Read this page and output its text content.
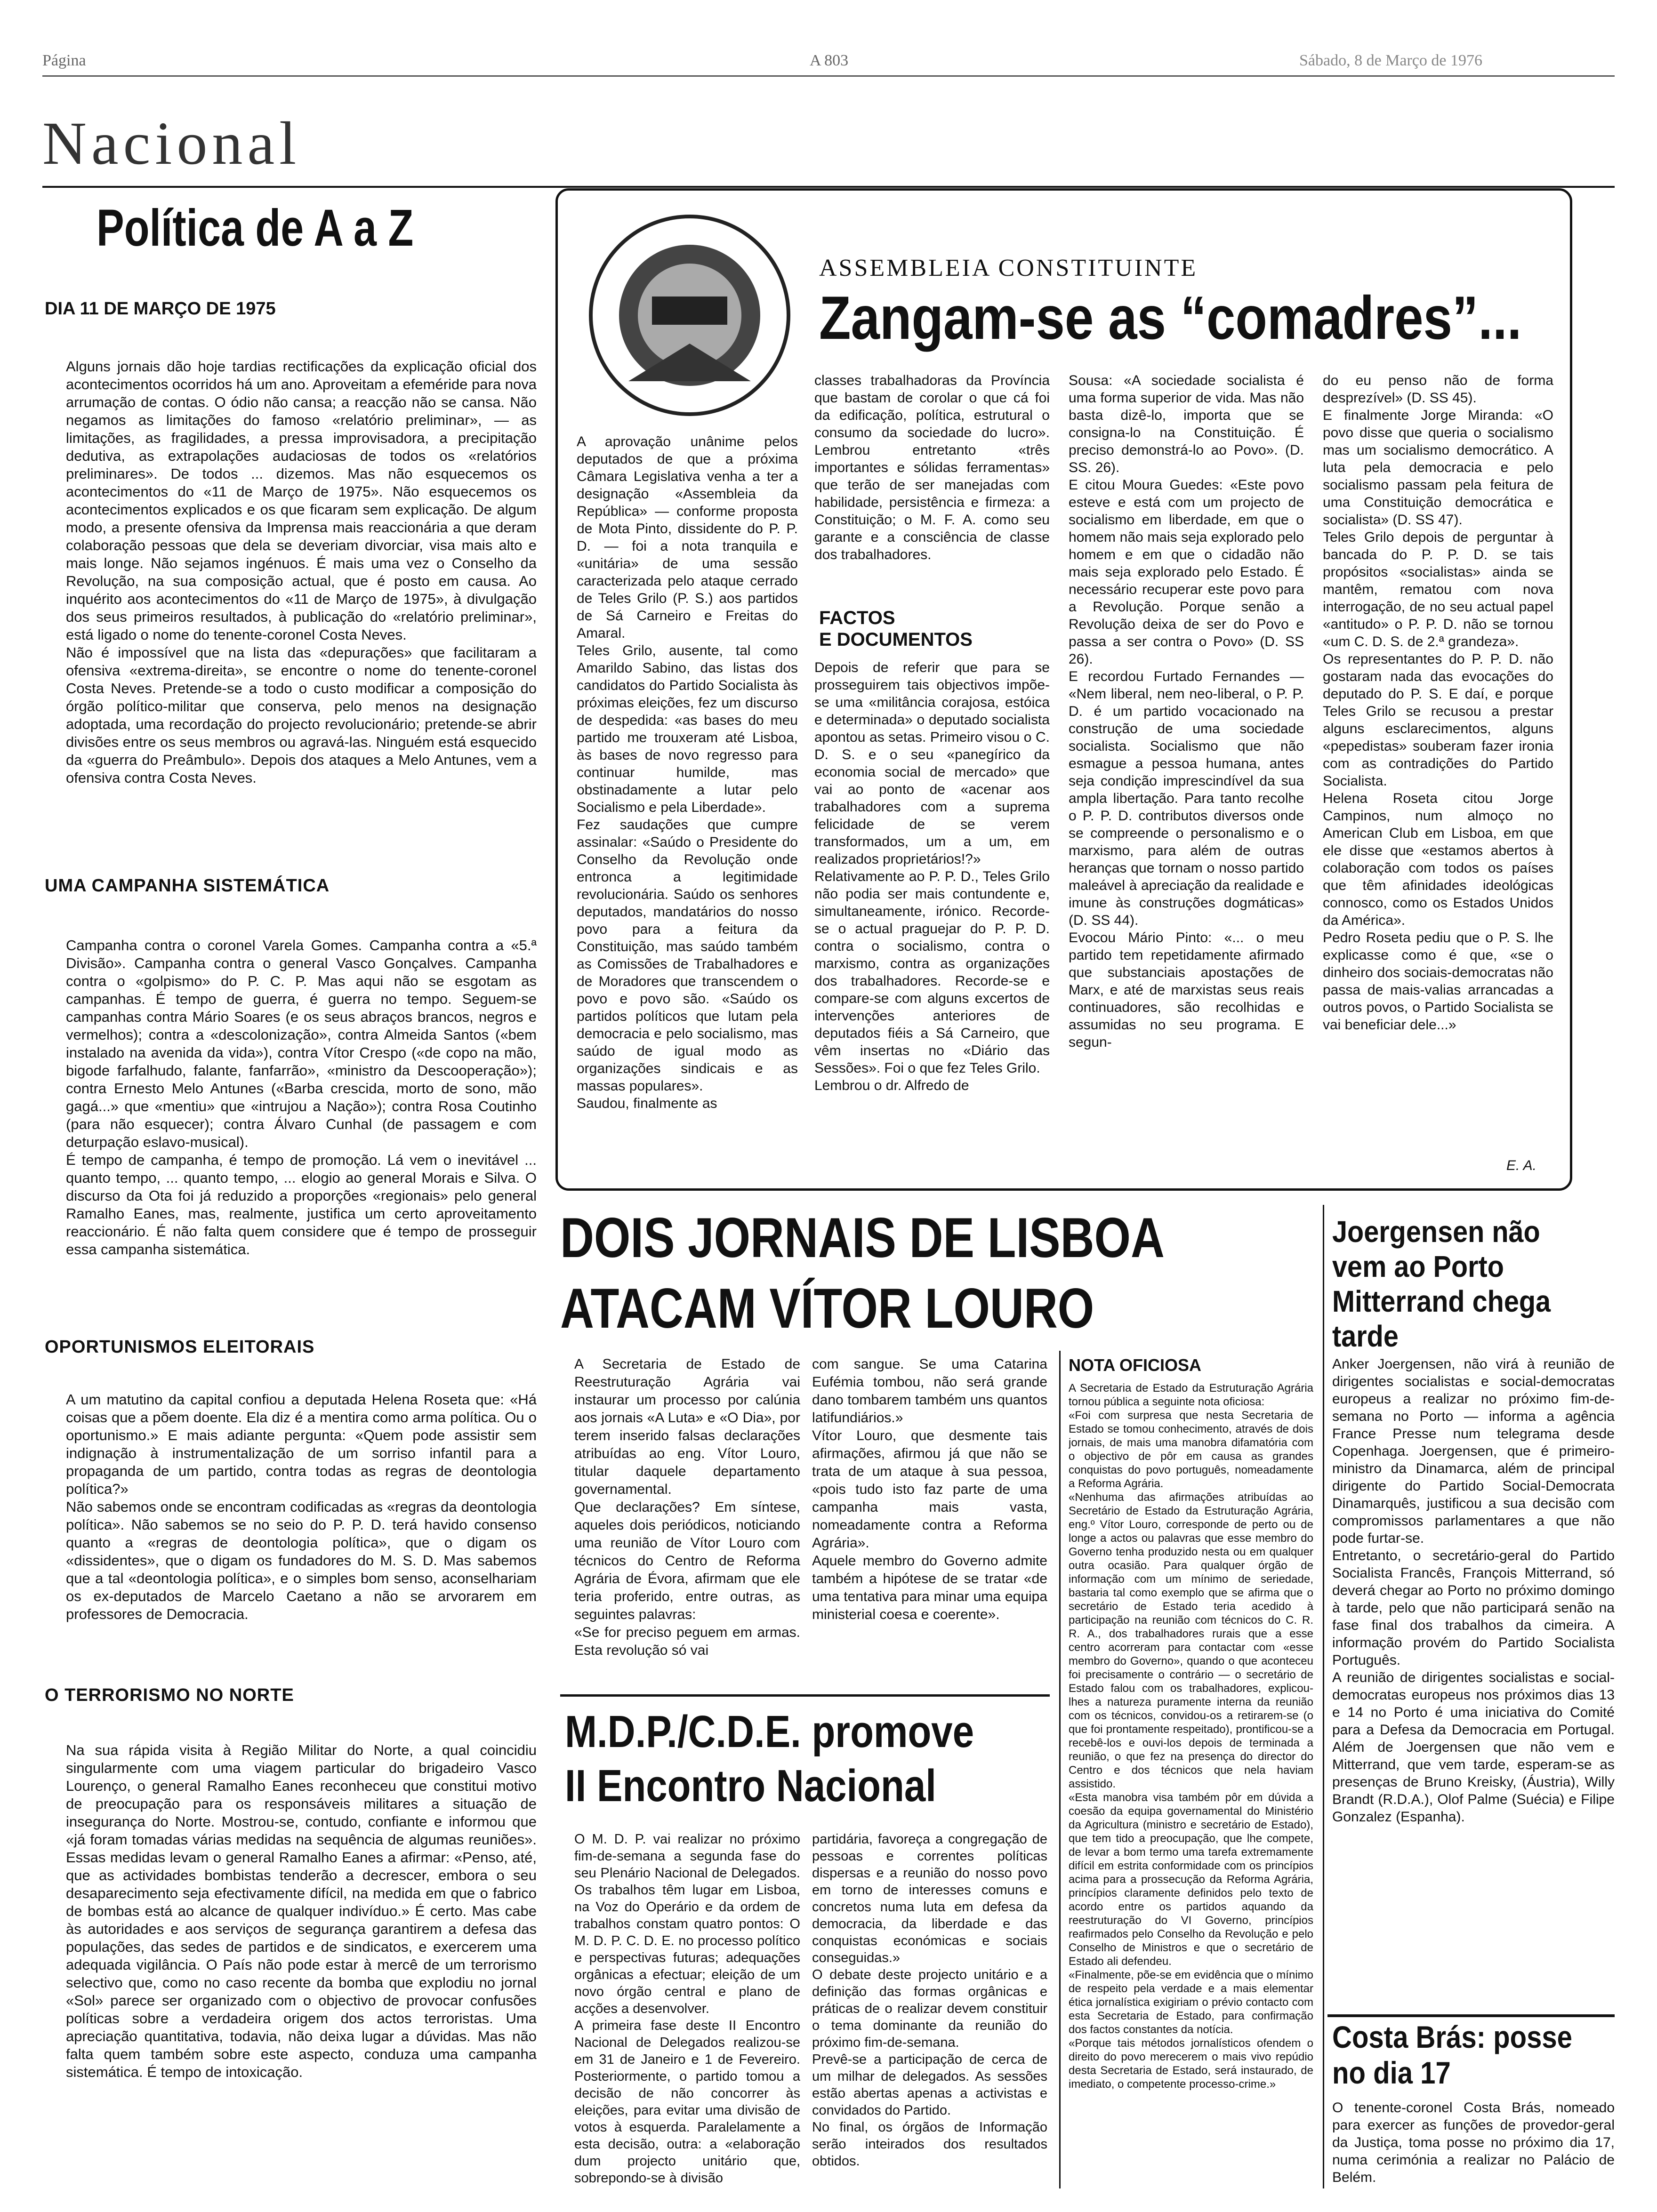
Página	A 803	Sábado, 8 de Março de 1976
Nacional
Política de A a Z
DIA 11 DE MARÇO DE 1975
Alguns jornais dão hoje tardias rectificações da explicação oficial dos acontecimentos ocorridos há um ano. Aproveitam a efeméride para nova arrumação de contas. O ódio não cansa; a reacção não se cansa. Não negamos as limitações do famoso «relatório preliminar», — as limitações, as fragilidades, a pressa improvisadora, a precipitação dedutiva, as extrapolações audaciosas de todos os «relatórios preliminares». De todos ... dizemos. Mas não esquecemos os acontecimentos do «11 de Março de 1975». Não esquecemos os acontecimentos explicados e os que ficaram sem explicação. De algum modo, a presente ofensiva da Imprensa mais reaccionária a que deram colaboração pessoas que dela se deveriam divorciar, visa mais alto e mais longe. Não sejamos ingénuos. É mais uma vez o Conselho da Revolução, na sua composição actual, que é posto em causa. Ao inquérito aos acontecimentos do «11 de Março de 1975», à divulgação dos seus primeiros resultados, à publicação do «relatório preliminar», está ligado o nome do tenente-coronel Costa Neves.
Não é impossível que na lista das «depurações» que facilitaram a ofensiva «extrema-direita», se encontre o nome do tenente-coronel Costa Neves. Pretende-se a todo o custo modificar a composição do órgão político-militar que conserva, pelo menos na designação adoptada, uma recordação do projecto revolucionário; pretende-se abrir divisões entre os seus membros ou agravá-las. Ninguém está esquecido da «guerra do Preâmbulo». Depois dos ataques a Melo Antunes, vem a ofensiva contra Costa Neves.
UMA CAMPANHA SISTEMÁTICA
Campanha contra o coronel Varela Gomes. Campanha contra a «5.ª Divisão». Campanha contra o general Vasco Gonçalves. Campanha contra o «golpismo» do P. C. P. Mas aqui não se esgotam as campanhas. É tempo de guerra, é guerra no tempo. Seguem-se campanhas contra Mário Soares (e os seus abraços brancos, negros e vermelhos); contra a «descolonização», contra Almeida Santos («bem instalado na avenida da vida»), contra Vítor Crespo («de copo na mão, bigode farfalhudo, falante, fanfarrão», «ministro da Descooperação»); contra Ernesto Melo Antunes («Barba crescida, morto de sono, mão gagá...» que «mentiu» que «intrujou a Nação»); contra Rosa Coutinho (para não esquecer); contra Álvaro Cunhal (de passagem e com deturpação eslavo-musical).
É tempo de campanha, é tempo de promoção. Lá vem o inevitável ... quanto tempo, ... quanto tempo, ... elogio ao general Morais e Silva. O discurso da Ota foi já reduzido a proporções «regionais» pelo general Ramalho Eanes, mas, realmente, justifica um certo aproveitamento reaccionário. É não falta quem considere que é tempo de prosseguir essa campanha sistemática.
OPORTUNISMOS ELEITORAIS
A um matutino da capital confiou a deputada Helena Roseta que: «Há coisas que a põem doente. Ela diz é a mentira como arma política. Ou o oportunismo.» E mais adiante pergunta: «Quem pode assistir sem indignação à instrumentalização de um sorriso infantil para a propaganda de um partido, contra todas as regras de deontologia política?»
Não sabemos onde se encontram codificadas as «regras da deontologia política». Não sabemos se no seio do P. P. D. terá havido consenso quanto a «regras de deontologia política», que o digam os «dissidentes», que o digam os fundadores do M. S. D. Mas sabemos que a tal «deontologia política», e o simples bom senso, aconselhariam os ex-deputados de Marcelo Caetano a não se arvorarem em professores de Democracia.
O TERRORISMO NO NORTE
Na sua rápida visita à Região Militar do Norte, a qual coincidiu singularmente com uma viagem particular do brigadeiro Vasco Lourenço, o general Ramalho Eanes reconheceu que constitui motivo de preocupação para os responsáveis militares a situação de insegurança do Norte. Mostrou-se, contudo, confiante e informou que «já foram tomadas várias medidas na sequência de algumas reuniões». Essas medidas levam o general Ramalho Eanes a afirmar: «Penso, até, que as actividades bombistas tenderão a decrescer, embora o seu desaparecimento seja efectivamente difícil, na medida em que o fabrico de bombas está ao alcance de qualquer indivíduo.» É certo. Mas cabe às autoridades e aos serviços de segurança garantirem a defesa das populações, das sedes de partidos e de sindicatos, e exercerem uma adequada vigilância. O País não pode estar à mercê de um terrorismo selectivo que, como no caso recente da bomba que explodiu no jornal «Sol» parece ser organizado com o objectivo de provocar confusões políticas sobre a verdadeira origem dos actos terroristas. Uma apreciação quantitativa, todavia, não deixa lugar a dúvidas. Mas não falta quem também sobre este aspecto, conduza uma campanha sistemática. É tempo de intoxicação.
ASSEMBLEIA CONSTITUINTE
Zangam-se as “comadres”...
A aprovação unânime pelos deputados de que a próxima Câmara Legislativa venha a ter a designação «Assembleia da República» — conforme proposta de Mota Pinto, dissidente do P. P. D. — foi a nota tranquila e «unitária» de uma sessão caracterizada pelo ataque cerrado de Teles Grilo (P. S.) aos partidos de Sá Carneiro e Freitas do Amaral.
Teles Grilo, ausente, tal como Amarildo Sabino, das listas dos candidatos do Partido Socialista às próximas eleições, fez um discurso de despedida: «as bases do meu partido me trouxeram até Lisboa, às bases de novo regresso para continuar humilde, mas obstinadamente a lutar pelo Socialismo e pela Liberdade».
Fez saudações que cumpre assinalar: «Saúdo o Presidente do Conselho da Revolução onde entronca a legitimidade revolucionária. Saúdo os senhores deputados, mandatários do nosso povo para a feitura da Constituição, mas saúdo também as Comissões de Trabalhadores e de Moradores que transcendem o povo e povo são. «Saúdo os partidos políticos que lutam pela democracia e pelo socialismo, mas saúdo de igual modo as organizações sindicais e as massas populares».
Saudou, finalmente as
classes trabalhadoras da Província que bastam de corolar o que cá foi da edificação, política, estrutural o consumo da sociedade do lucro». Lembrou entretanto «três importantes e sólidas ferramentas» que terão de ser manejadas com habilidade, persistência e firmeza: a Constituição; o M. F. A. como seu garante e a consciência de classe dos trabalhadores.
FACTOS
E DOCUMENTOS
Depois de referir que para se prosseguirem tais objectivos impõe-se uma «militância corajosa, estóica e determinada» o deputado socialista apontou as setas. Primeiro visou o C. D. S. e o seu «panegírico da economia social de mercado» que vai ao ponto de «acenar aos trabalhadores com a suprema felicidade de se verem transformados, um a um, em realizados proprietários!?»
Relativamente ao P. P. D., Teles Grilo não podia ser mais contundente e, simultaneamente, irónico. Recorde-se o actual praguejar do P. P. D. contra o socialismo, contra o marxismo, contra as organizações dos trabalhadores. Recorde-se e compare-se com alguns excertos de intervenções anteriores de deputados fiéis a Sá Carneiro, que vêm insertas no «Diário das Sessões». Foi o que fez Teles Grilo.
Lembrou o dr. Alfredo de
Sousa: «A sociedade socialista é uma forma superior de vida. Mas não basta dizê-lo, importa que se consigna-lo na Constituição. É preciso demonstrá-lo ao Povo». (D. SS. 26).
E citou Moura Guedes: «Este povo esteve e está com um projecto de socialismo em liberdade, em que o homem não mais seja explorado pelo homem e em que o cidadão não mais seja explorado pelo Estado. É necessário recuperar este povo para a Revolução. Porque senão a Revolução deixa de ser do Povo e passa a ser contra o Povo» (D. SS 26).
E recordou Furtado Fernandes — «Nem liberal, nem neo-liberal, o P. P. D. é um partido vocacionado na construção de uma sociedade socialista. Socialismo que não esmague a pessoa humana, antes seja condição imprescindível da sua ampla libertação. Para tanto recolhe o P. P. D. contributos diversos onde se compreende o personalismo e o marxismo, para além de outras heranças que tornam o nosso partido maleável à apreciação da realidade e imune às construções dogmáticas» (D. SS 44).
Evocou Mário Pinto: «... o meu partido tem repetidamente afirmado que substanciais apostações de Marx, e até de marxistas seus reais continuadores, são recolhidas e assumidas no seu programa. E segun-
do eu penso não de forma desprezível» (D. SS 45).
E finalmente Jorge Miranda: «O povo disse que queria o socialismo mas um socialismo democrático. A luta pela democracia e pelo socialismo passam pela feitura de uma Constituição democrática e socialista» (D. SS 47).
Teles Grilo depois de perguntar à bancada do P. P. D. se tais propósitos «socialistas» ainda se mantêm, rematou com nova interrogação, de no seu actual papel «antitudo» o P. P. D. não se tornou «um C. D. S. de 2.ª grandeza».
Os representantes do P. P. D. não gostaram nada das evocações do deputado do P. S. E daí, e porque Teles Grilo se recusou a prestar alguns esclarecimentos, alguns «pepedistas» souberam fazer ironia com as contradições do Partido Socialista.
Helena Roseta citou Jorge Campinos, num almoço no American Club em Lisboa, em que ele disse que «estamos abertos à colaboração com todos os países que têm afinidades ideológicas connosco, como os Estados Unidos da América».
Pedro Roseta pediu que o P. S. lhe explicasse como é que, «se o dinheiro dos sociais-democratas não passa de mais-valias arrancadas a outros povos, o Partido Socialista se vai beneficiar dele...»
E. A.
DOIS JORNAIS DE LISBOA
ATACAM VÍTOR LOURO
A Secretaria de Estado de Reestruturação Agrária vai instaurar um processo por calúnia aos jornais «A Luta» e «O Dia», por terem inserido falsas declarações atribuídas ao eng. Vítor Louro, titular daquele departamento governamental.
Que declarações? Em síntese, aqueles dois periódicos, noticiando uma reunião de Vítor Louro com técnicos do Centro de Reforma Agrária de Évora, afirmam que ele teria proferido, entre outras, as seguintes palavras:
«Se for preciso peguem em armas. Esta revolução só vai
com sangue. Se uma Catarina Eufémia tombou, não será grande dano tombarem também uns quantos latifundiários.»
Vítor Louro, que desmente tais afirmações, afirmou já que não se trata de um ataque à sua pessoa, «pois tudo isto faz parte de uma campanha mais vasta, nomeadamente contra a Reforma Agrária».
Aquele membro do Governo admite também a hipótese de se tratar «de uma tentativa para minar uma equipa ministerial coesa e coerente».
NOTA OFICIOSA
A Secretaria de Estado da Estruturação Agrária tornou pública a seguinte nota oficiosa:
«Foi com surpresa que nesta Secretaria de Estado se tomou conhecimento, através de dois jornais, de mais uma manobra difamatória com o objectivo de pôr em causa as grandes conquistas do povo português, nomeadamente a Reforma Agrária.
«Nenhuma das afirmações atribuídas ao Secretário de Estado da Estruturação Agrária, eng.º Vítor Louro, corresponde de perto ou de longe a actos ou palavras que esse membro do Governo tenha produzido nesta ou em qualquer outra ocasião. Para qualquer órgão de informação com um mínimo de seriedade, bastaria tal como exemplo que se afirma que o secretário de Estado teria acedido à participação na reunião com técnicos do C. R. R. A., dos trabalhadores rurais que a esse centro acorreram para contactar com «esse membro do Governo», quando o que aconteceu foi precisamente o contrário — o secretário de Estado falou com os trabalhadores, explicou-lhes a natureza puramente interna da reunião com os técnicos, convidou-os a retirarem-se (o que foi prontamente respeitado), prontificou-se a recebê-los e ouvi-los depois de terminada a reunião, o que fez na presença do director do Centro e dos técnicos que nela haviam assistido.
«Esta manobra visa também pôr em dúvida a coesão da equipa governamental do Ministério da Agricultura (ministro e secretário de Estado), que tem tido a preocupação, que lhe compete, de levar a bom termo uma tarefa extremamente difícil em estrita conformidade com os princípios acima para a prossecução da Reforma Agrária, princípios claramente definidos pelo texto de acordo entre os partidos aquando da reestruturação do VI Governo, princípios reafirmados pelo Conselho da Revolução e pelo Conselho de Ministros e que o secretário de Estado ali defendeu.
«Finalmente, põe-se em evidência que o mínimo de respeito pela verdade e a mais elementar ética jornalística exigiriam o prévio contacto com esta Secretaria de Estado, para confirmação dos factos constantes da notícia.
«Porque tais métodos jornalísticos ofendem o direito do povo merecerem o mais vivo repúdio desta Secretaria de Estado, será instaurado, de imediato, o competente processo-crime.»
M.D.P./C.D.E. promove
II Encontro Nacional
O M. D. P. vai realizar no próximo fim-de-semana a segunda fase do seu Plenário Nacional de Delegados. Os trabalhos têm lugar em Lisboa, na Voz do Operário e da ordem de trabalhos constam quatro pontos: O M. D. P. C. D. E. no processo político e perspectivas futuras; adequações orgânicas a efectuar; eleição de um novo órgão central e plano de acções a desenvolver.
A primeira fase deste II Encontro Nacional de Delegados realizou-se em 31 de Janeiro e 1 de Fevereiro. Posteriormente, o partido tomou a decisão de não concorrer às eleições, para evitar uma divisão de votos à esquerda. Paralelamente a esta decisão, outra: a «elaboração dum projecto unitário que, sobrepondo-se à divisão
partidária, favoreça a congregação de pessoas e correntes políticas dispersas e a reunião do nosso povo em torno de interesses comuns e concretos numa luta em defesa da democracia, da liberdade e das conquistas económicas e sociais conseguidas.»
O debate deste projecto unitário e a definição das formas orgânicas e práticas de o realizar devem constituir o tema dominante da reunião do próximo fim-de-semana.
Prevê-se a participação de cerca de um milhar de delegados. As sessões estão abertas apenas a activistas e convidados do Partido.
No final, os órgãos de Informação serão inteirados dos resultados obtidos.
Joergensen não vem ao Porto Mitterrand chega tarde
Anker Joergensen, não virá à reunião de dirigentes socialistas e social-democratas europeus a realizar no próximo fim-de-semana no Porto — informa a agência France Presse num telegrama desde Copenhaga. Joergensen, que é primeiro-ministro da Dinamarca, além de principal dirigente do Partido Social-Democrata Dinamarquês, justificou a sua decisão com compromissos parlamentares a que não pode furtar-se.
Entretanto, o secretário-geral do Partido Socialista Francês, François Mitterrand, só deverá chegar ao Porto no próximo domingo à tarde, pelo que não participará senão na fase final dos trabalhos da cimeira. A informação provém do Partido Socialista Português.
A reunião de dirigentes socialistas e social-democratas europeus nos próximos dias 13 e 14 no Porto é uma iniciativa do Comité para a Defesa da Democracia em Portugal. Além de Joergensen que não vem e Mitterrand, que vem tarde, esperam-se as presenças de Bruno Kreisky, (Áustria), Willy Brandt (R.D.A.), Olof Palme (Suécia) e Filipe Gonzalez (Espanha).
Costa Brás: posse no dia 17
O tenente-coronel Costa Brás, nomeado para exercer as funções de provedor-geral da Justiça, toma posse no próximo dia 17, numa cerimónia a realizar no Palácio de Belém.
